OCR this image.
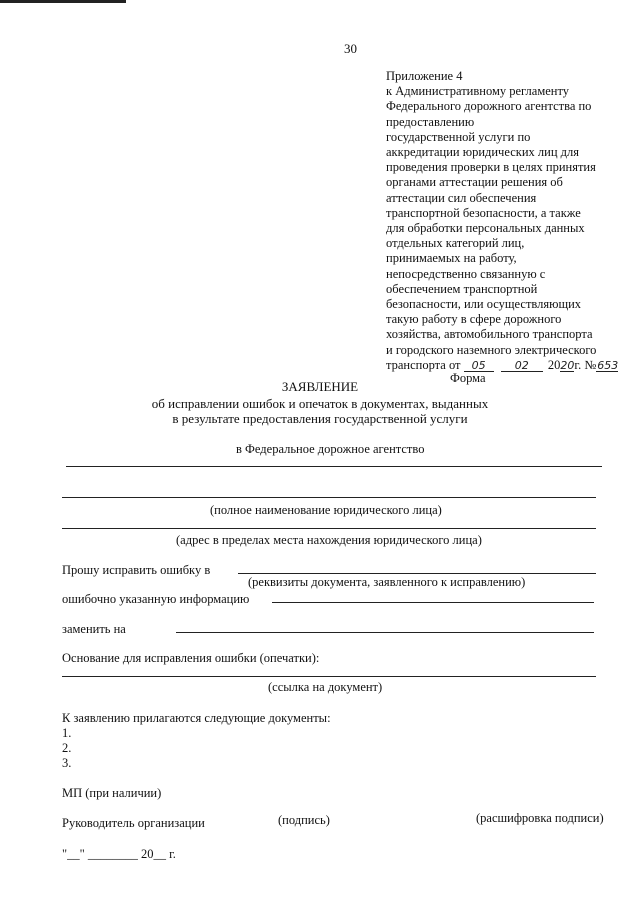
30
Приложение 4
к Административному регламенту
Федерального дорожного агентства по
предоставлению
государственной услуги по
аккредитации юридических лиц для
проведения проверки в целях принятия
органами аттестации решения об
аттестации сил обеспечения
транспортной безопасности, а также
для обработки персональных данных
отдельных категорий лиц,
принимаемых на работу,
непосредственно связанную с
обеспечением транспортной
безопасности, или осуществляющих
такую работу в сфере дорожного
хозяйства, автомобильного транспорта
и городского наземного электрического
транспорта от 05	02 2020г. №653
Форма
ЗАЯВЛЕНИЕ
об исправлении ошибок и опечаток в документах, выданных
в результате предоставления государственной услуги
в Федеральное дорожное агентство
(полное наименование юридического лица)
(адрес в пределах места нахождения юридического лица)
Прошу исправить ошибку в
(реквизиты документа, заявленного к исправлению)
ошибочно указанную информацию
заменить на
Основание для исправления ошибки (опечатки):
(ссылка на документ)
К заявлению прилагаются следующие документы:
1.
2.
3.
МП (при наличии)
Руководитель организации	(подпись)	(расшифровка подписи)
"__" ________ 20__ г.
